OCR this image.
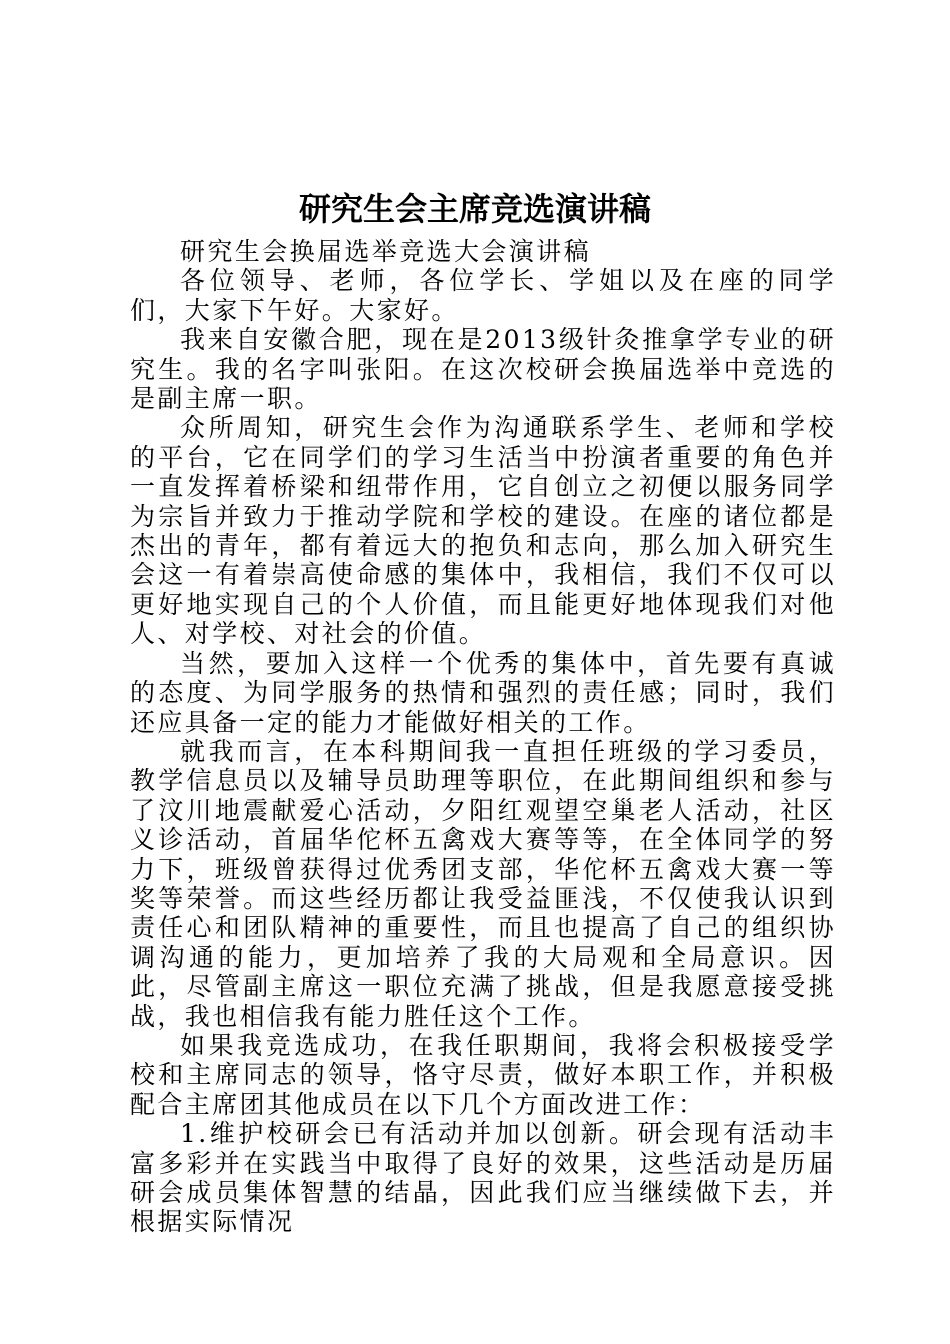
研究生会主席竞选演讲稿

研究生会换届选举竞选大会演讲稿

各位领导、老师，各位学长、学姐以及在座的同学们，大家下午好。大家好。

我来自安徽合肥，现在是2013级针灸推拿学专业的研究生。我的名字叫张阳。在这次校研会换届选举中竞选的是副主席一职。

众所周知，研究生会作为沟通联系学生、老师和学校的平台，它在同学们的学习生活当中扮演者重要的角色并一直发挥着桥梁和纽带作用，它自创立之初便以服务同学为宗旨并致力于推动学院和学校的建设。在座的诸位都是杰出的青年，都有着远大的抱负和志向，那么加入研究生会这一有着崇高使命感的集体中，我相信，我们不仅可以更好地实现自己的个人价值，而且能更好地体现我们对他人、对学校、对社会的价值。

当然，要加入这样一个优秀的集体中，首先要有真诚的态度、为同学服务的热情和强烈的责任感；同时，我们还应具备一定的能力才能做好相关的工作。

就我而言，在本科期间我一直担任班级的学习委员，教学信息员以及辅导员助理等职位，在此期间组织和参与了汶川地震献爱心活动，夕阳红观望空巢老人活动，社区义诊活动，首届华佗杯五禽戏大赛等等，在全体同学的努力下，班级曾获得过优秀团支部，华佗杯五禽戏大赛一等奖等荣誉。而这些经历都让我受益匪浅，不仅使我认识到责任心和团队精神的重要性，而且也提高了自己的组织协调沟通的能力，更加培养了我的大局观和全局意识。因此，尽管副主席这一职位充满了挑战，但是我愿意接受挑战，我也相信我有能力胜任这个工作。

如果我竞选成功，在我任职期间，我将会积极接受学校和主席同志的领导，恪守尽责，做好本职工作，并积极配合主席团其他成员在以下几个方面改进工作：

1.维护校研会已有活动并加以创新。研会现有活动丰富多彩并在实践当中取得了良好的效果，这些活动是历届研会成员集体智慧的结晶，因此我们应当继续做下去，并根据实际情况
